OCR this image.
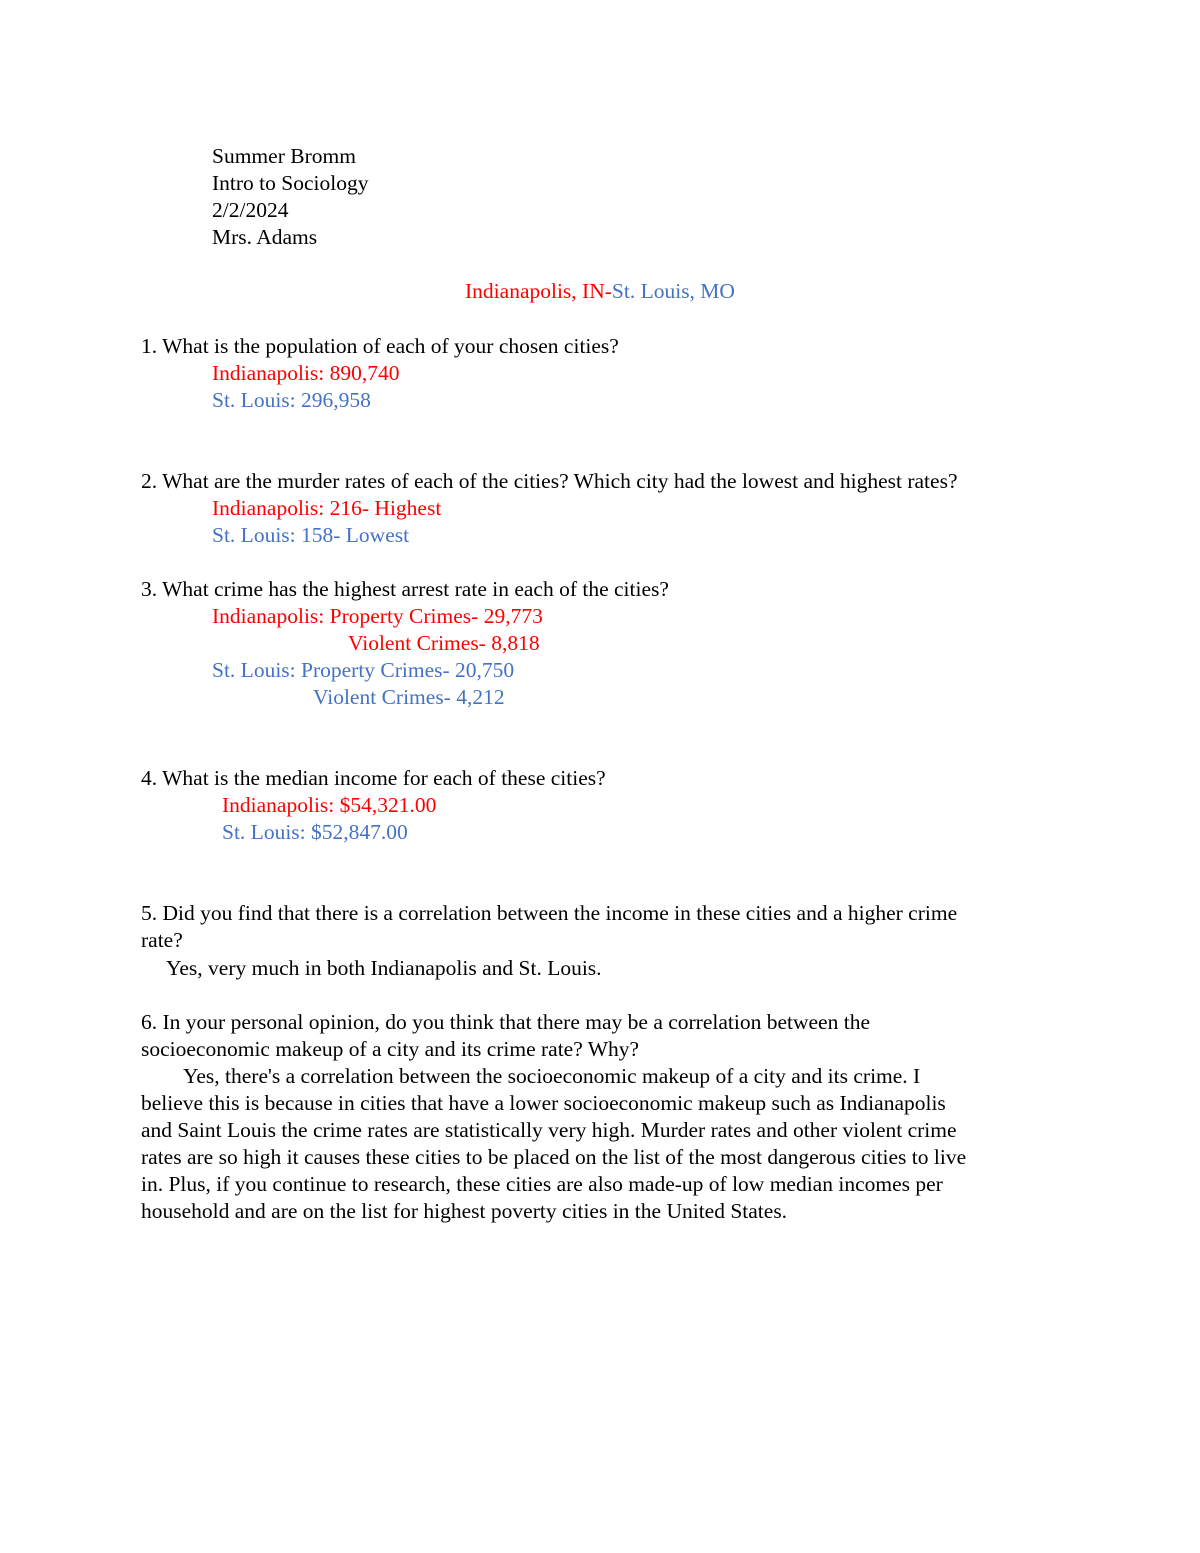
Summer Bromm
Intro to Sociology
2/2/2024
Mrs. Adams
Indianapolis, IN-St. Louis, MO
1. What is the population of each of your chosen cities?
Indianapolis: 890,740
St. Louis: 296,958
2. What are the murder rates of each of the cities? Which city had the lowest and highest rates?
Indianapolis: 216- Highest
St. Louis: 158- Lowest
3. What crime has the highest arrest rate in each of the cities?
Indianapolis: Property Crimes- 29,773
Violent Crimes- 8,818
St. Louis: Property Crimes- 20,750
Violent Crimes- 4,212
4. What is the median income for each of these cities?
Indianapolis: $54,321.00
St. Louis: $52,847.00
5. Did you find that there is a correlation between the income in these cities and a higher crime
rate?
Yes, very much in both Indianapolis and St. Louis.
6. In your personal opinion, do you think that there may be a correlation between the
socioeconomic makeup of a city and its crime rate? Why?
Yes, there's a correlation between the socioeconomic makeup of a city and its crime. I
believe this is because in cities that have a lower socioeconomic makeup such as Indianapolis
and Saint Louis the crime rates are statistically very high. Murder rates and other violent crime
rates are so high it causes these cities to be placed on the list of the most dangerous cities to live
in. Plus, if you continue to research, these cities are also made-up of low median incomes per
household and are on the list for highest poverty cities in the United States.
